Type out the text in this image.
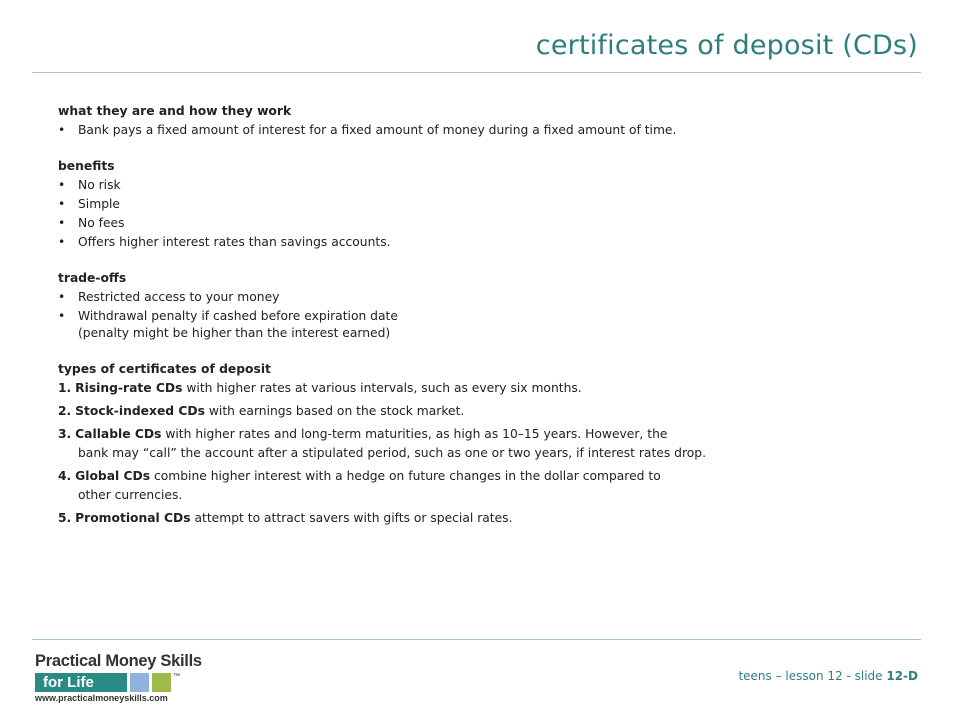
certificates of deposit (CDs)

what they are and how they work

•	Bank pays a fixed amount of interest for a fixed amount of money during a fixed amount of time.

benefits

•	No risk

•	Simple

•	No fees

•	Offers higher interest rates than savings accounts.

trade-offs

•	Restricted access to your money

•	Withdrawal penalty if cashed before expiration date

(penalty might be higher than the interest earned)

types of certificates of deposit

1. Rising-rate CDs with higher rates at various intervals, such as every six months.
2. Stock-indexed CDs with earnings based on the stock market.
3. Callable CDs with higher rates and long-term maturities, as high as 10–15 years. However, the
bank may “call” the account after a stipulated period, such as one or two years, if interest rates drop.
4. Global CDs combine higher interest with a hedge on future changes in the dollar compared to
other currencies.
5. Promotional CDs attempt to attract savers with gifts or special rates.
Practical Money Skills
for Life	™
www.practicalmoneyskills.com
teens – lesson 12 - slide 12-D
